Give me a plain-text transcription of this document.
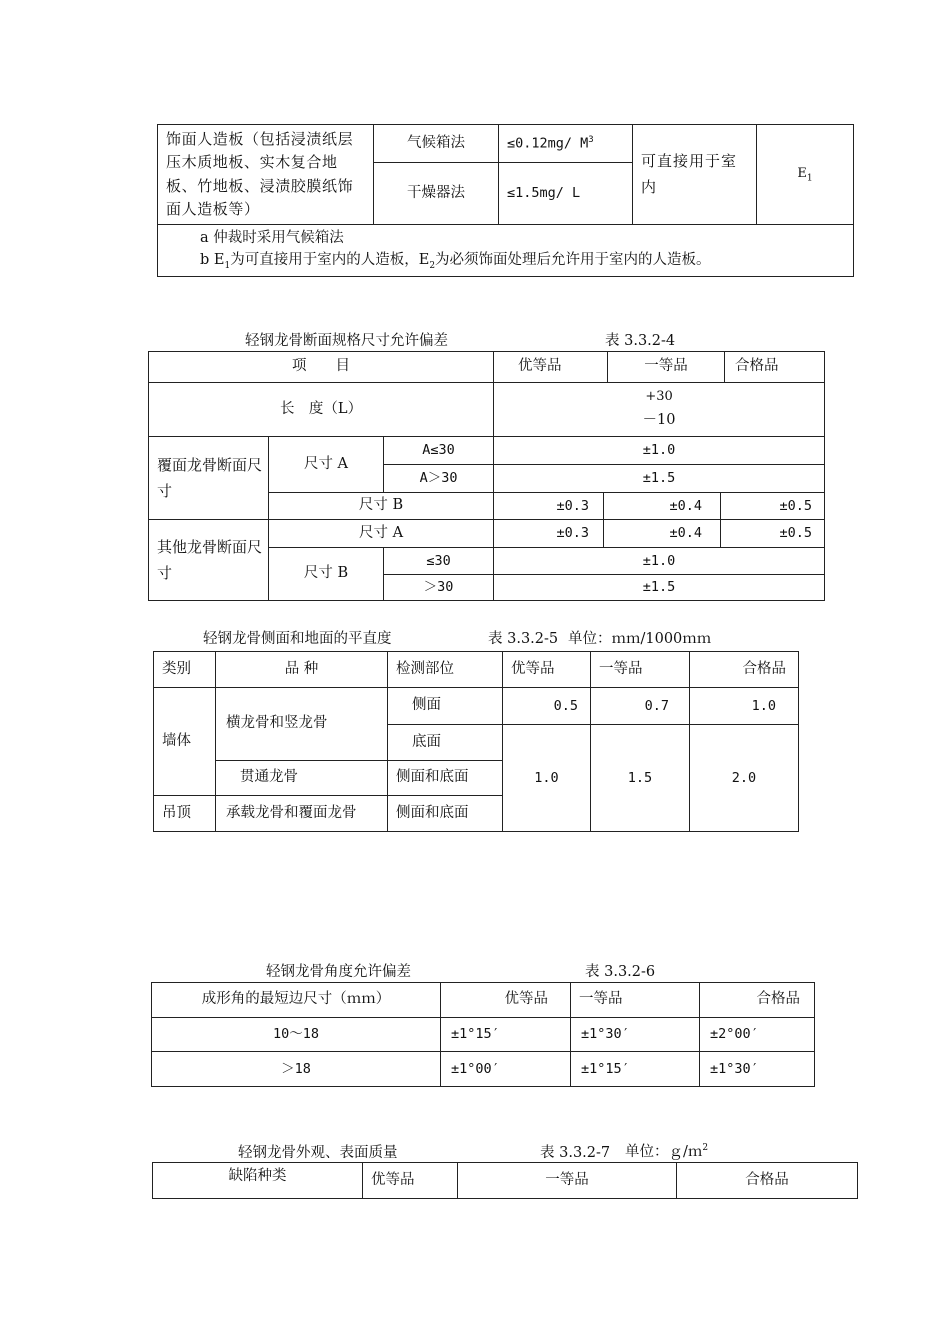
饰面人造板（包括浸渍纸层压木质地板、实木复合地板、竹地板、浸渍胶膜纸饰面人造板等）	气候箱法	≤0.12mg/ $M^3$	可直接用于室内	$E_1$
	干燥器法	≤1.5mg/ L		

a 仲裁时采用气候箱法
b $E_1$为可直接用于室内的人造板，$E_2$为必须饰面处理后允许用于室内的人造板。				
轻钢龙骨断面规格尺寸允许偏差	表 3.3.2-4
项　　目			优等品		一等品		合格品
长　度（L）			+30
－10				

覆面龙骨断面尺寸	尺寸 A	A≤30	±1.0				
		A＞30	±1.5				
	尺寸 B		±0.3	±0.4		±0.5	
其他龙骨断面尺寸	尺寸 A		±0.3	±0.4		±0.5	
	尺寸 B	≤30	±1.0				
		＞30	±1.5				
轻钢龙骨侧面和地面的平直度	表 3.3.2-5 单位：ｍｍ/1000ｍｍ
类别	品 种	检测部位	优等品	一等品	合格品
墙体	横龙骨和竖龙骨	侧面	0.5	0.7	1.0
		底面	1.0	1.5	2.0
	贯通龙骨	侧面和底面			
吊顶	承载龙骨和覆面龙骨	侧面和底面			
轻钢龙骨角度允许偏差	表 3.3.2-6
成形角的最短边尺寸（ｍｍ）	优等品	一等品	合格品
10～18	±1°15′	±1°30′	±2°00′
＞18	±1°00′	±1°15′	±1°30′
轻钢龙骨外观、表面质量	表 3.3.2-7 单位：ｇ/ｍ$^2$
缺陷种类	优等品	一等品	合格品
